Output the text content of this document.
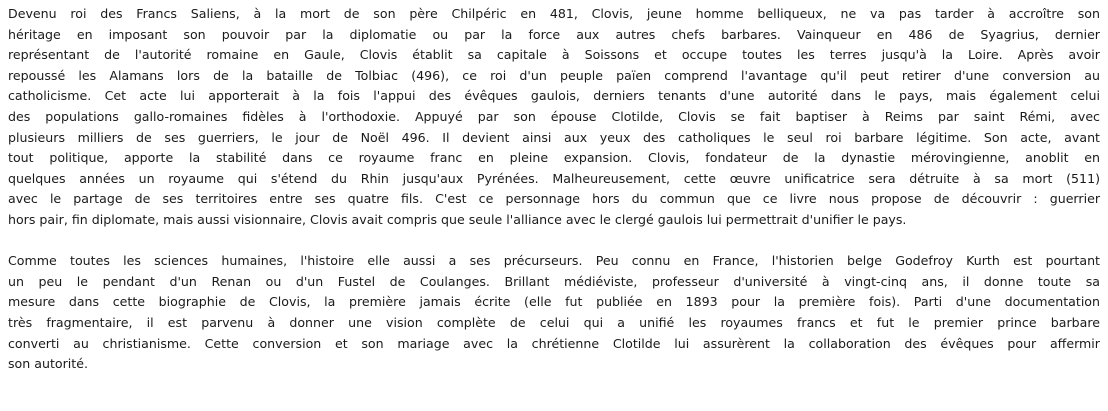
Devenu roi des Francs Saliens, à la mort de son père Chilpéric en 481, Clovis, jeune homme belliqueux, ne va pas tarder à accroître son
héritage en imposant son pouvoir par la diplomatie ou par la force aux autres chefs barbares. Vainqueur en 486 de Syagrius, dernier
représentant de l'autorité romaine en Gaule, Clovis établit sa capitale à Soissons et occupe toutes les terres jusqu'à la Loire. Après avoir
repoussé les Alamans lors de la bataille de Tolbiac (496), ce roi d'un peuple païen comprend l'avantage qu'il peut retirer d'une conversion au
catholicisme. Cet acte lui apporterait à la fois l'appui des évêques gaulois, derniers tenants d'une autorité dans le pays, mais également celui
des populations gallo-romaines fidèles à l'orthodoxie. Appuyé par son épouse Clotilde, Clovis se fait baptiser à Reims par saint Rémi, avec
plusieurs milliers de ses guerriers, le jour de Noël 496. Il devient ainsi aux yeux des catholiques le seul roi barbare légitime. Son acte, avant
tout politique, apporte la stabilité dans ce royaume franc en pleine expansion. Clovis, fondateur de la dynastie mérovingienne, anoblit en
quelques années un royaume qui s'étend du Rhin jusqu'aux Pyrénées. Malheureusement, cette œuvre unificatrice sera détruite à sa mort (511)
avec le partage de ses territoires entre ses quatre fils. C'est ce personnage hors du commun que ce livre nous propose de découvrir : guerrier
hors pair, fin diplomate, mais aussi visionnaire, Clovis avait compris que seule l'alliance avec le clergé gaulois lui permettrait d'unifier le pays.

Comme toutes les sciences humaines, l'histoire elle aussi a ses précurseurs. Peu connu en France, l'historien belge Godefroy Kurth est pourtant
un peu le pendant d'un Renan ou d'un Fustel de Coulanges. Brillant médiéviste, professeur d'université à vingt-cinq ans, il donne toute sa
mesure dans cette biographie de Clovis, la première jamais écrite (elle fut publiée en 1893 pour la première fois). Parti d'une documentation
très fragmentaire, il est parvenu à donner une vision complète de celui qui a unifié les royaumes francs et fut le premier prince barbare
converti au christianisme. Cette conversion et son mariage avec la chrétienne Clotilde lui assurèrent la collaboration des évêques pour affermir
son autorité.
